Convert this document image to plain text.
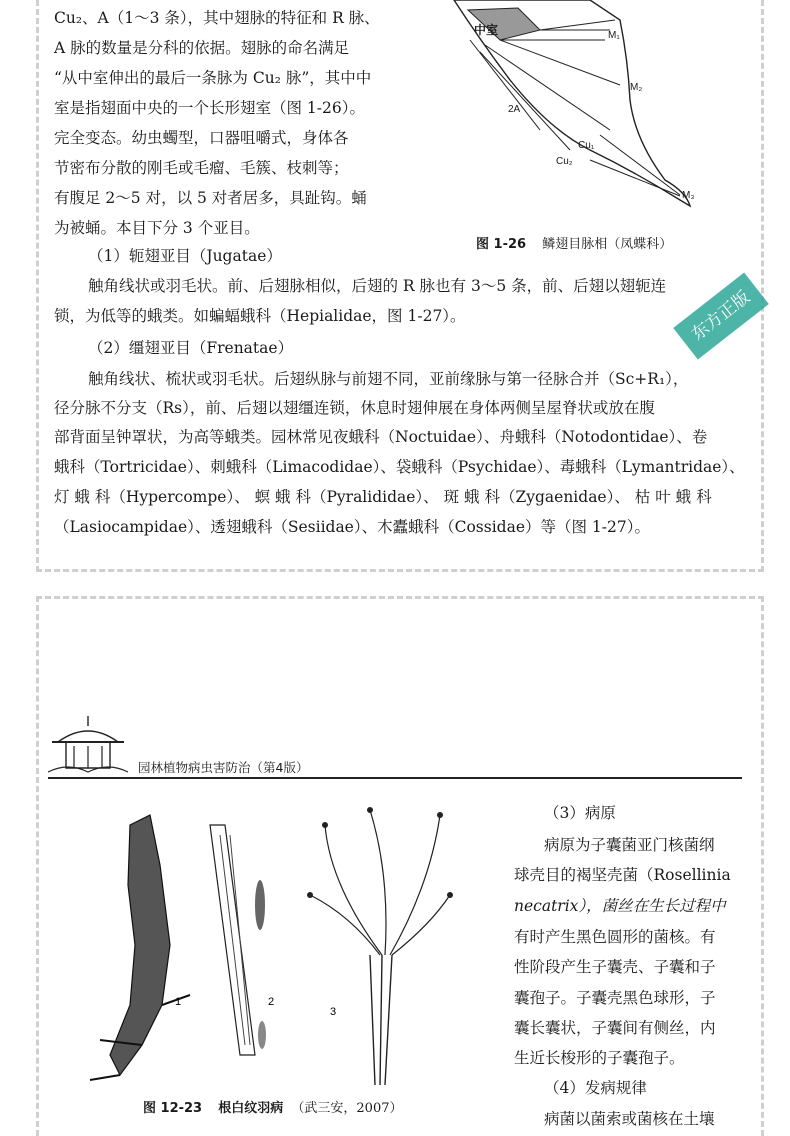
Cu₂、A（1～3 条），其中翅脉的特征和 R 脉、
A 脉的数量是分科的依据。翅脉的命名满足
“从中室伸出的最后一条脉为 Cu₂ 脉”，其中中
室是指翅面中央的一个长形翅室（图 1-26）。
完全变态。幼虫蠋型，口器咀嚼式，身体各
节密布分散的刚毛或毛瘤、毛簇、枝刺等；
有腹足 2～5 对，以 5 对者居多，具趾钩。蛹
为被蛹。本目下分 3 个亚目。
中室	M₁
M₂
M₃
2A
Cu₁
Cu₂
图 1-26 鳞翅目脉相（凤蝶科）
（1）轭翅亚目（Jugatae）
触角线状或羽毛状。前、后翅脉相似，后翅的 R 脉也有 3～5 条，前、后翅以翅轭连
锁，为低等的蛾类。如蝙蝠蛾科（Hepialidae，图 1-27）。
（2）缰翅亚目（Frenatae）
触角线状、梳状或羽毛状。后翅纵脉与前翅不同，亚前缘脉与第一径脉合并（Sc+R₁），
径分脉不分支（Rs），前、后翅以翅缰连锁，休息时翅伸展在身体两侧呈屋脊状或放在腹
部背面呈钟罩状，为高等蛾类。园林常见夜蛾科（Noctuidae）、舟蛾科（Notodontidae）、卷
蛾科（Tortricidae）、刺蛾科（Limacodidae）、袋蛾科（Psychidae）、毒蛾科（Lymantridae）、
灯 蛾 科（Hypercompe）、 螟 蛾 科（Pyralididae）、 斑 蛾 科（Zygaenidae）、 枯 叶 蛾 科
（Lasiocampidae）、透翅蛾科（Sesiidae）、木蠹蛾科（Cossidae）等（图 1-27）。
东方正版
园林植物病虫害防治（第4版）
1	2
3
图 12-23 根白纹羽病 （武三安，2007）
（3）病原
病原为子囊菌亚门核菌纲
球壳目的褐坚壳菌（Rosellinia
necatrix），菌丝在生长过程中
有时产生黑色圆形的菌核。有
性阶段产生子囊壳、子囊和子
囊孢子。子囊壳黑色球形，子
囊长囊状，子囊间有侧丝，内
生近长梭形的子囊孢子。
（4）发病规律
病菌以菌索或菌核在土壤
